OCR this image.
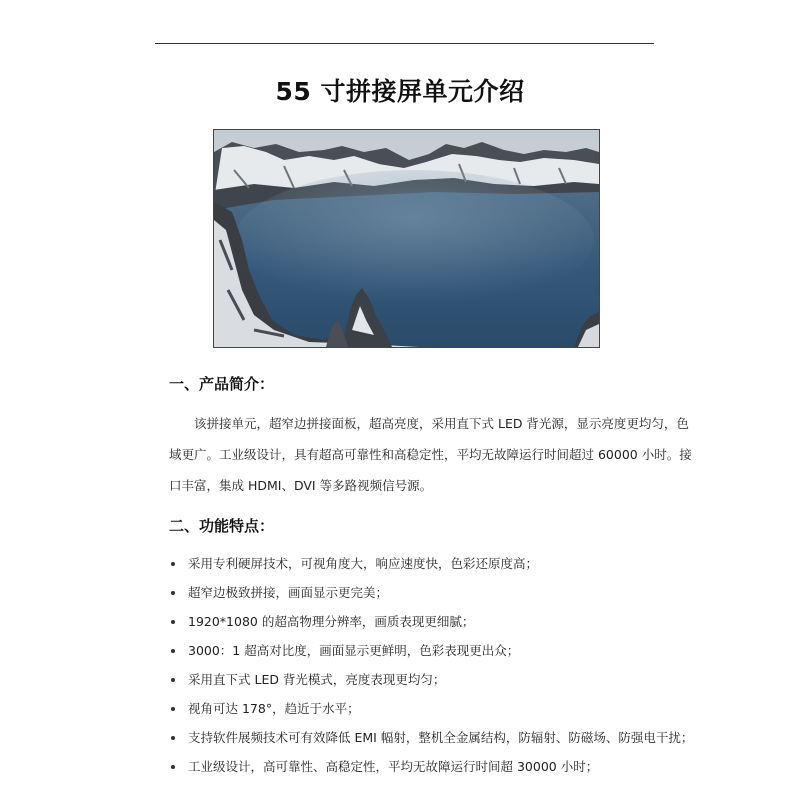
55 寸拼接屏单元介绍
一、产品简介：
该拼接单元，超窄边拼接面板，超高亮度，采用直下式 LED 背光源，显示亮度更均匀，色
域更广。工业级设计，具有超高可靠性和高稳定性，平均无故障运行时间超过 60000 小时。接
口丰富，集成 HDMI、DVI 等多路视频信号源。
二、功能特点：
采用专利硬屏技术，可视角度大，响应速度快，色彩还原度高；
超窄边极致拼接，画面显示更完美；
1920*1080 的超高物理分辨率，画质表现更细腻；
3000：1 超高对比度，画面显示更鲜明，色彩表现更出众；
采用直下式 LED 背光模式，亮度表现更均匀；
视角可达 178°，趋近于水平；
支持软件展频技术可有效降低 EMI 幅射，整机全金属结构，防辐射、防磁场、防强电干扰；
工业级设计，高可靠性、高稳定性，平均无故障运行时间超 30000 小时；
